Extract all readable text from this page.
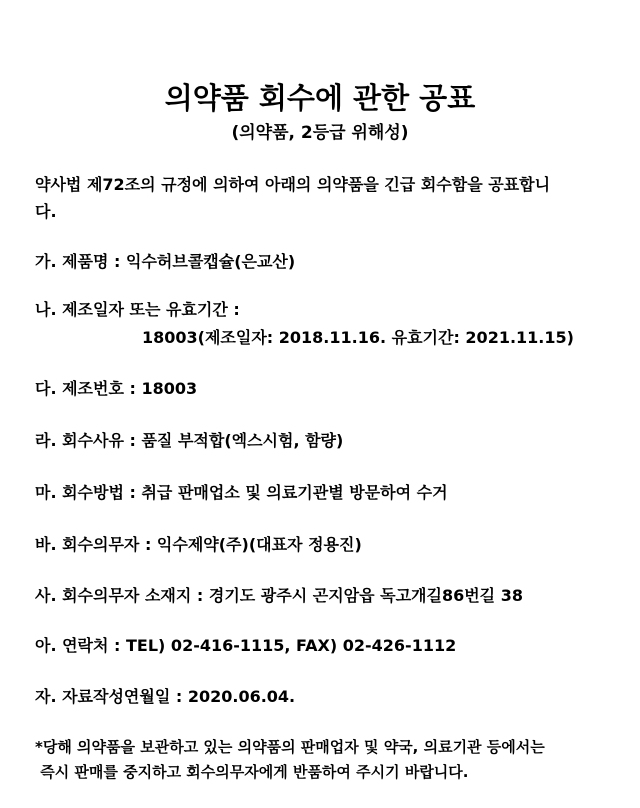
의약품 회수에 관한 공표
(의약품, 2등급 위해성)
약사법 제72조의 규정에 의하여 아래의 의약품을 긴급 회수함을 공표합니
다.
가. 제품명 : 익수허브콜캡슐(은교산)
나. 제조일자 또는 유효기간 :
18003(제조일자: 2018.11.16. 유효기간: 2021.11.15)
다. 제조번호 : 18003
라. 회수사유 : 품질 부적합(엑스시험, 함량)
마. 회수방법 : 취급 판매업소 및 의료기관별 방문하여 수거
바. 회수의무자 : 익수제약(주)(대표자 정용진)
사. 회수의무자 소재지 : 경기도 광주시 곤지암읍 독고개길86번길 38
아. 연락처 : TEL) 02-416-1115, FAX) 02-426-1112
자. 자료작성연월일 : 2020.06.04.
*당해 의약품을 보관하고 있는 의약품의 판매업자 및 약국, 의료기관 등에서는
즉시 판매를 중지하고 회수의무자에게 반품하여 주시기 바랍니다.
